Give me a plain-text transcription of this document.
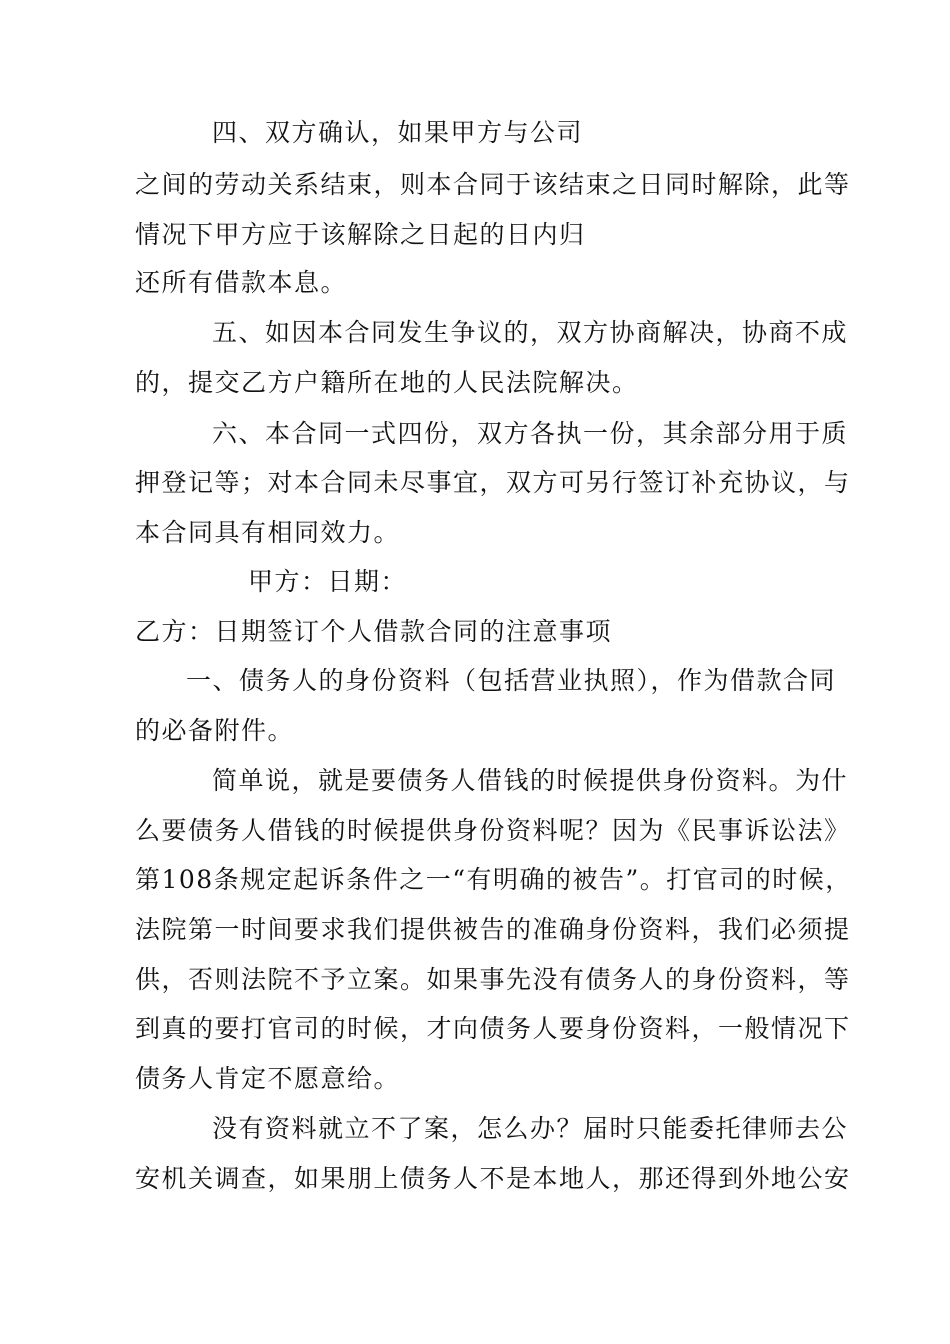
四、双方确认，如果甲方与公司
之间的劳动关系结束，则本合同于该结束之日同时解除，此等
情况下甲方应于该解除之日起的日内归
还所有借款本息。
五、如因本合同发生争议的，双方协商解决，协商不成
的，提交乙方户籍所在地的人民法院解决。
六、本合同一式四份，双方各执一份，其余部分用于质
押登记等；对本合同未尽事宜，双方可另行签订补充协议，与
本合同具有相同效力。
甲方：日期：
乙方：日期签订个人借款合同的注意事项
一、债务人的身份资料（包括营业执照），作为借款合同
的必备附件。
简单说，就是要债务人借钱的时候提供身份资料。为什
么要债务人借钱的时候提供身份资料呢？因为《民事诉讼法》
第108条规定起诉条件之一“有明确的被告”。打官司的时候，
法院第一时间要求我们提供被告的准确身份资料，我们必须提
供，否则法院不予立案。如果事先没有债务人的身份资料，等
到真的要打官司的时候，才向债务人要身份资料，一般情况下
债务人肯定不愿意给。
没有资料就立不了案，怎么办？届时只能委托律师去公
安机关调查，如果朋上债务人不是本地人，那还得到外地公安
